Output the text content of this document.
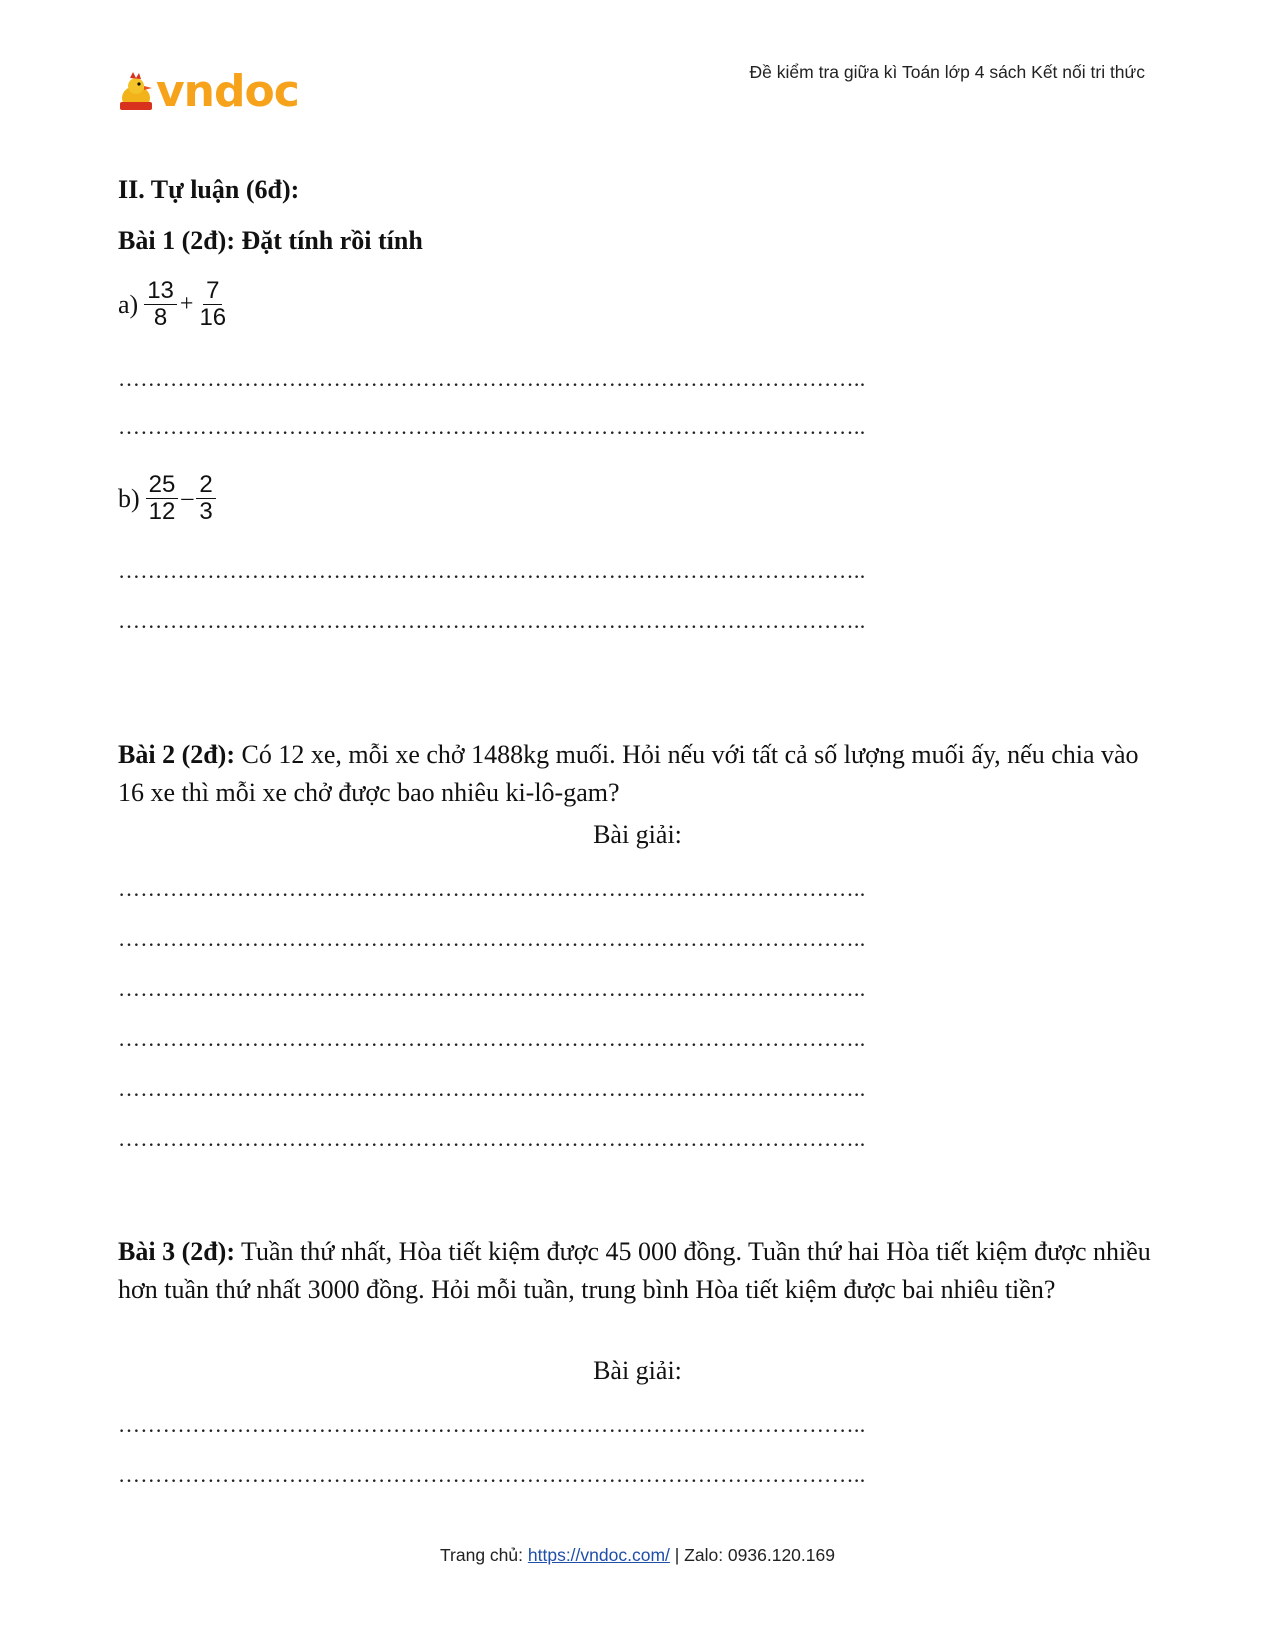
vndoc	Đề kiểm tra giữa kì Toán lớp 4 sách Kết nối tri thức
II. Tự luận (6đ):
Bài 1 (2đ): Đặt tính rồi tính
$a) \frac{13}{8} + \frac{7}{16}$
………………………………………………………………………………………..
………………………………………………………………………………………..
$b) \frac{25}{12} - \frac{2}{3}$
………………………………………………………………………………………..
………………………………………………………………………………………..
Bài 2 (2đ): Có 12 xe, mỗi xe chở 1488kg muối. Hỏi nếu với tất cả số lượng muối ấy, nếu chia vào 16 xe thì mỗi xe chở được bao nhiêu ki-lô-gam?
Bài giải:
………………………………………………………………………………………..
………………………………………………………………………………………..
………………………………………………………………………………………..
………………………………………………………………………………………..
………………………………………………………………………………………..
………………………………………………………………………………………..
Bài 3 (2đ): Tuần thứ nhất, Hòa tiết kiệm được 45 000 đồng. Tuần thứ hai Hòa tiết kiệm được nhiều hơn tuần thứ nhất 3000 đồng. Hỏi mỗi tuần, trung bình Hòa tiết kiệm được bai nhiêu tiền?
Bài giải:
………………………………………………………………………………………..
………………………………………………………………………………………..
Trang chủ: https://vndoc.com/ | Zalo: 0936.120.169
